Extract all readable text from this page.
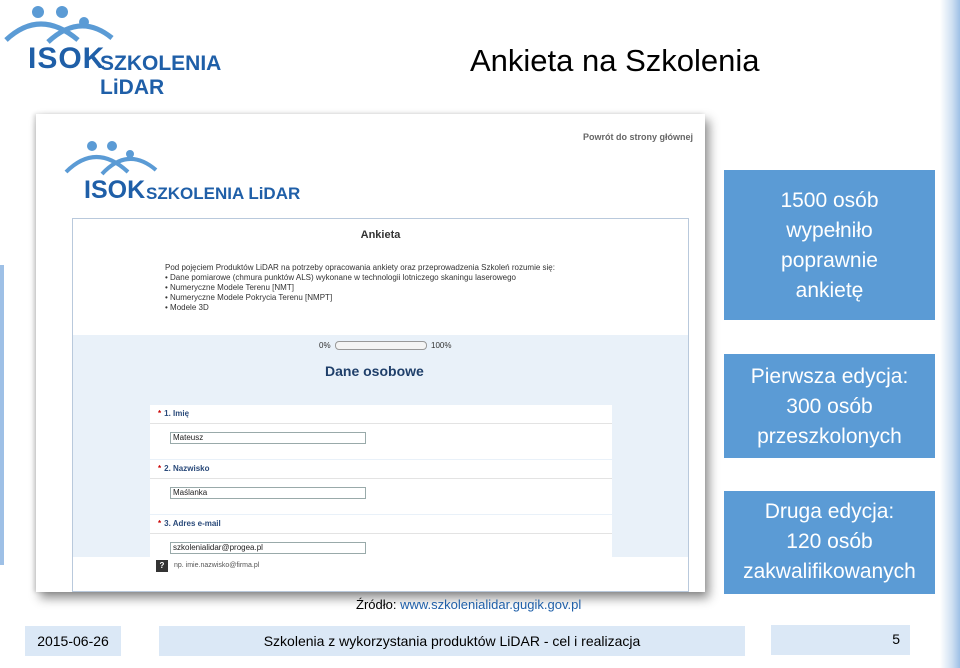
ISOK
SZKOLENIA LiDAR
Ankieta na Szkolenia
Powrót do strony głównej
ISOK SZKOLENIA LiDAR
Ankieta
Pod pojęciem Produktów LiDAR na potrzeby opracowania ankiety oraz przeprowadzenia Szkoleń rozumie się:
• Dane pomiarowe (chmura punktów ALS) wykonane w technologii lotniczego skaningu laserowego
• Numeryczne Modele Terenu [NMT]
• Numeryczne Modele Pokrycia Terenu [NMPT]
• Modele 3D
0%	100%
Dane osobowe
* 1. Imię
Mateusz
* 2. Nazwisko
Maślanka
* 3. Adres e-mail
szkolenialidar@progea.pl
?	np. imie.nazwisko@firma.pl
1500 osób
wypełniło
poprawnie
ankietę
Pierwsza edycja:
300 osób
przeszkolonych
Druga edycja:
120 osób
zakwalifikowanych
Źródło: www.szkolenialidar.gugik.gov.pl
2015-06-26	Szkolenia z wykorzystania produktów LiDAR - cel i realizacja	5
